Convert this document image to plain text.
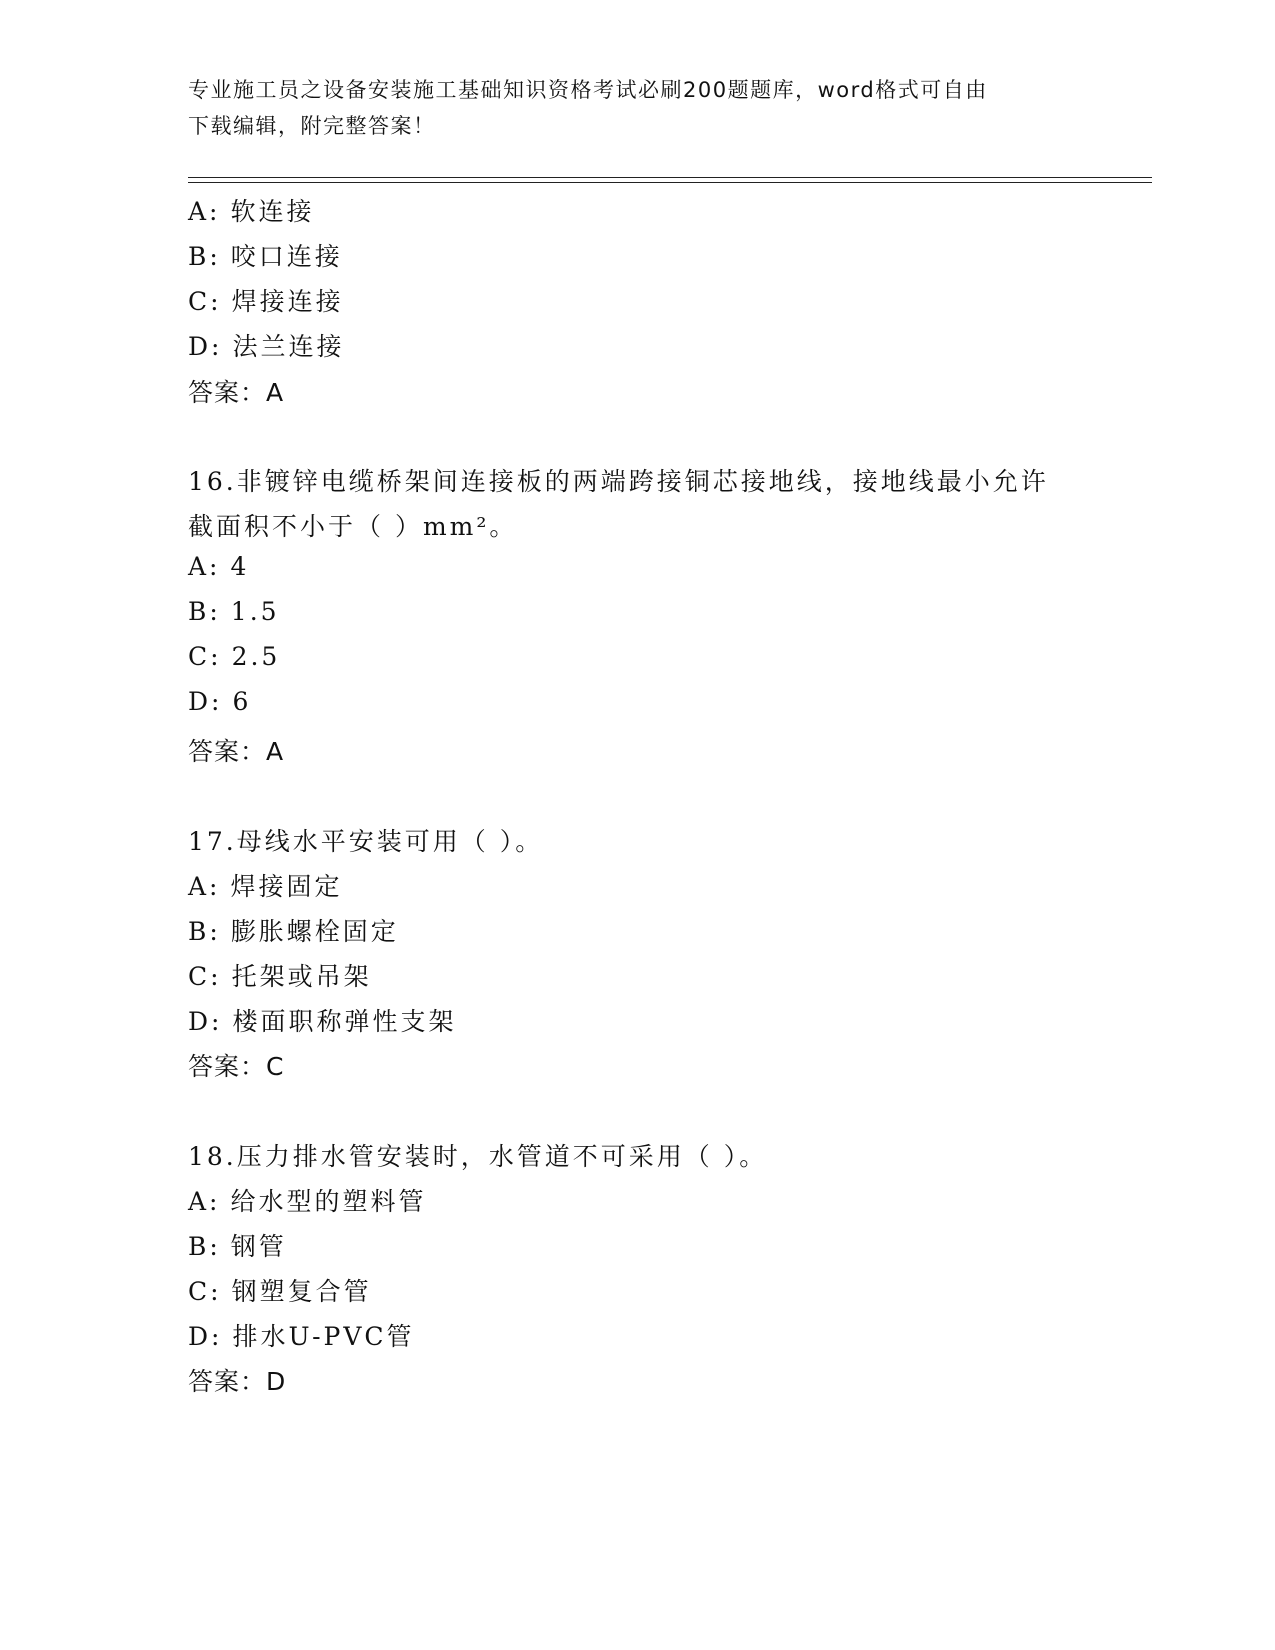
专业施工员之设备安装施工基础知识资格考试必刷200题题库，word格式可自由
下载编辑，附完整答案！
A: 软连接
B: 咬口连接
C: 焊接连接
D: 法兰连接
答案：A
16.非镀锌电缆桥架间连接板的两端跨接铜芯接地线，接地线最小允许
截面积不小于（ ）mm²。
A: 4
B: 1.5
C: 2.5
D: 6
答案：A
17.母线水平安装可用（ ）。
A: 焊接固定
B: 膨胀螺栓固定
C: 托架或吊架
D: 楼面职称弹性支架
答案：C
18.压力排水管安装时，水管道不可采用（ ）。
A: 给水型的塑料管
B: 钢管
C: 钢塑复合管
D: 排水U-PVC管
答案：D
